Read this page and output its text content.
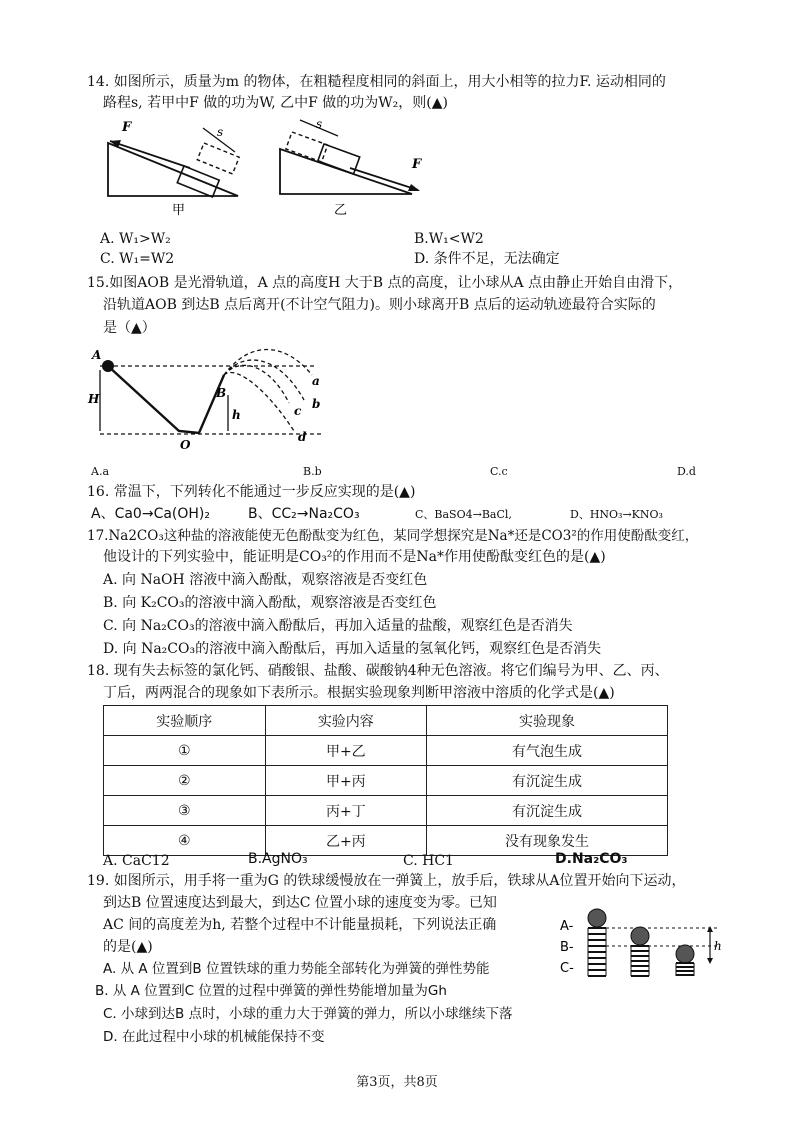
14. 如图所示，质量为m 的物体，在粗糙程度相同的斜面上，用大小相等的拉力F. 运动相同的
路程s, 若甲中F 做的功为W, 乙中F 做的功为W₂，则(▲)
F	s
甲
s
F
乙
A. W₁>W₂	B.W₁<W2
C. W₁=W2	D. 条件不足，无法确定
15.如图AOB 是光滑轨道，A 点的高度H 大于B 点的高度，让小球从A 点由静止开始自由滑下，
沿轨道AOB 到达B 点后离开(不计空气阻力)。则小球离开B 点后的运动轨迹最符合实际的
是（▲）
A
H	B
h
O
a
b
c
d
A.a	B.b	C.c	D.d
16. 常温下，下列转化不能通过一步反应实现的是(▲)
A、Ca0→Ca(OH)₂	B、CC₂→Na₂CO₃	C、BaSO4→BaCl,	D、HNO₃→KNO₃
17.Na2CO₃这种盐的溶液能使无色酚酞变为红色，某同学想探究是Na*还是CO3²的作用使酚酞变红，
他设计的下列实验中，能证明是CO₃²的作用而不是Na*作用使酚酞变红色的是(▲)
A. 向 NaOH 溶液中滴入酚酞，观察溶液是否变红色
B. 向 K₂CO₃的溶液中滴入酚酞，观察溶液是否变红色
C. 向 Na₂CO₃的溶液中滴入酚酞后，再加入适量的盐酸，观察红色是否消失
D. 向 Na₂CO₃的溶液中滴入酚酞后，再加入适量的氢氧化钙，观察红色是否消失
18. 现有失去标签的氯化钙、硝酸银、盐酸、碳酸钠4种无色溶液。将它们编号为甲、乙、丙、
丁后，两两混合的现象如下表所示。根据实验现象判断甲溶液中溶质的化学式是(▲)
实验顺序	实验内容	实验现象
①	甲+乙	有气泡生成
②	甲+丙	有沉淀生成
③	丙+丁	有沉淀生成
④	乙+丙	没有现象发生
A. CaC12	B.AgNO₃	C. HC1	D.Na₂CO₃
19. 如图所示，用手将一重为G 的铁球缓慢放在一弹簧上，放手后，铁球从A位置开始向下运动，
到达B 位置速度达到最大，到达C 位置小球的速度变为零。已知
AC 间的高度差为h, 若整个过程中不计能量损耗，下列说法正确
的是(▲)
A-
B-
C-
h
A. 从 A 位置到B 位置铁球的重力势能全部转化为弹簧的弹性势能
B. 从 A 位置到C 位置的过程中弹簧的弹性势能增加量为Gh
C. 小球到达B 点时，小球的重力大于弹簧的弹力，所以小球继续下落
D. 在此过程中小球的机械能保持不变
第3页，共8页
